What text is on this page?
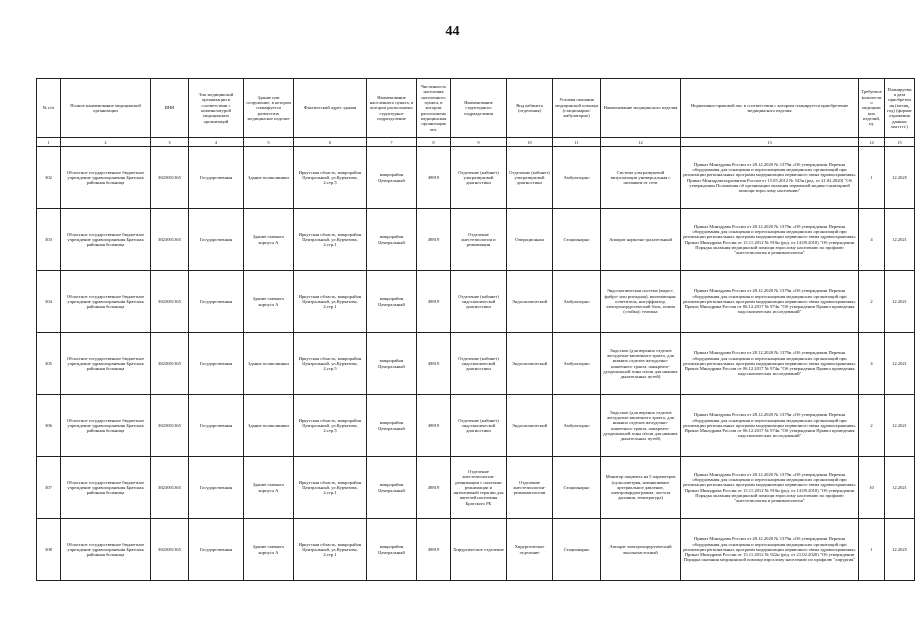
44
№ п/п	Полное наименование медицинской организации	ИНН	Тип медицинской организации в соответствии с номенклатурой медицинских организаций	Здание или сооружение, в котором планируется разместить медицинское изделие	Фактический адрес здания	Наименование населенного пункта, в котором расположено структурное подразделение	Численность населения населенного пункта, в котором расположено медицинская организация чел.	Наименование структурного подразделения	Вид кабинета (отделения)	Условия оказания медицинской помощи (стационарно/амбулаторно)	Наименование медицинского изделия	Нормативно-правовой акт, в соответствии с которым планируется приобретение медицинского изделия	Требуемое количество медицинских изделий, ед.	Планируемая дата приобретения (месяц, год) (формат отражения данных мм.гггг.)
1	2	3	4	5	6	7	8	9	10	11	12	13	14	15
302	Областное государственное бюджетное учреждение здравоохранения Братская районная больница	3823001365	Государственная	Здание поликлиники	Иркутская область, микрорайон Центральный, ул.Курчатова, 2,стр.5	микрорайон Центральный	49819	Отделение (кабинет) ультразвуковой диагностики	Отделение (кабинет) ультразвуковой диагностики	Амбулаторно	Система ультразвуковой визуализации универсальная с питанием от сети	Приказ Минздрава России от 28.12.2020 № 1379н «Об утверждении Перечня оборудования для оснащения и переоснащения медицинских организаций при реализации региональных программ модернизации первичного звена здравоохранения» Приказ Минздравсоцразвития России от 15.05.2012 № 543н (ред. от 21.02.2020) "Об утверждении Положения об организации оказания первичной медико-санитарной помощи взрослому населению"	1	12.2025
303	Областное государственное бюджетное учреждение здравоохранения Братская районная больница	3823001365	Государственная	Здание главного корпуса А	Иркутская область, микрорайон Центральный, ул.Курчатова, 2,стр.1	микрорайон Центральный	49819	Отделение анестезиологии и реанимации	Операционная	Стационарно	Аппарат наркозно-дыхательный	Приказ Минздрава России от 28.12.2020 № 1379н «Об утверждении Перечня оборудования для оснащения и переоснащения медицинских организаций при реализации региональных программ модернизации первичного звена здравоохранения» Приказ Минздрава России от 15.11.2012 № 919н (ред. от 14.09.2018) "Об утверждении Порядка оказания медицинской помощи взрослому населению по профилю "анестезиология и реаниматология"	4	12.2021
304	Областное государственное бюджетное учреждение здравоохранения Братская районная больница	3823001365	Государственная	Здание главного корпуса А	Иркутская область, микрорайон Центральный, ул.Курчатова, 2,стр.1	микрорайон Центральный	49819	Отделение (кабинет) эндоскопической диагностики	Эндоскопический	Амбулаторно	Эндоскопическая система (видео-, фибро- или ригидная), включающая: осветитель, инсуффлятор, электрохирургический блок, помпа (стойка); тележка	Приказ Минздрава России от 28.12.2020 № 1379н «Об утверждении Перечня оборудования для оснащения и переоснащения медицинских организаций при реализации региональных программ модернизации первичного звена здравоохранения» Приказ Минздрава России от 06.12.2017 № 974н "Об утверждении Правил проведения эндоскопических исследований"	2	12.2021
305	Областное государственное бюджетное учреждение здравоохранения Братская районная больница	3823001365	Государственная	Здание поликлиники	Иркутская область, микрорайон Центральный, ул.Курчатова, 2,стр.5	микрорайон Центральный	49819	Отделение (кабинет) эндоскопической диагностики	Эндоскопический	Амбулаторно	Эндоскоп (для верхних отделов желудочно-кишечного тракта, для нижних отделов желудочно-кишечного тракта, панкреато-дуоденальной зоны и/или для нижних дыхательных путей)	Приказ Минздрава России от 28.12.2020 № 1379н «Об утверждении Перечня оборудования для оснащения и переоснащения медицинских организаций при реализации региональных программ модернизации первичного звена здравоохранения» Приказ Минздрава России от 06.12.2017 № 974н "Об утверждении Правил проведения эндоскопических исследований"	4	12.2021
306	Областное государственное бюджетное учреждение здравоохранения Братская районная больница	3823001365	Государственная	Здание поликлиники	Иркутская область, микрорайон Центральный, ул.Курчатова, 2,стр.5	микрорайон Центральный	49819	Отделение (кабинет) эндоскопической диагностики	Эндоскопический	Амбулаторно	Эндоскоп (для верхних отделов желудочно-кишечного тракта, для нижних отделов желудочно-кишечного тракта, панкреато-дуоденальной зоны и/или для нижних дыхательных путей)	Приказ Минздрава России от 28.12.2020 № 1379н «Об утверждении Перечня оборудования для оснащения и переоснащения медицинских организаций при реализации региональных программ модернизации первичного звена здравоохранения» Приказ Минздрава России от 06.12.2017 № 974н "Об утверждении Правил проведения эндоскопических исследований"	2	12.2021
307	Областное государственное бюджетное учреждение здравоохранения Братская районная больница	3823001365	Государственная	Здание главного корпуса А	Иркутская область, микрорайон Центральный, ул.Курчатова, 2,стр.1	микрорайон Центральный	49819	Отделение анестезиологии-реанимации с палатами реанимации и интенсивной терапии для жителей населения Братского РБ	Отделение анестезиологии-реаниматологии	Стационарно	Монитор пациента на 5 параметров (пульсометрия, неинвазивное артериальное давление, электрокардиограмма, частота дыхания, температура)	Приказ Минздрава России от 28.12.2020 № 1379н «Об утверждении Перечня оборудования для оснащения и переоснащения медицинских организаций при реализации региональных программ модернизации первичного звена здравоохранения» Приказ Минздрава России от 15.11.2012 № 919н (ред. от 14.09.2018) "Об утверждении Порядка оказания медицинской помощи взрослому населению по профилю "анестезиология и реаниматология"	10	12.2021
308	Областное государственное бюджетное учреждение здравоохранения Братская районная больница	3823001365	Государственная	Здание главного корпуса А	Иркутская область, микрорайон Центральный, ул.Курчатова, 2,стр.1	микрорайон Центральный	49819	Хирургическое отделение	Хирургическое отделение	Стационарно	Аппарат электрохирургический высокочастотный	Приказ Минздрава России от 28.12.2020 № 1379н «Об утверждении Перечня оборудования для оснащения и переоснащения медицинских организаций при реализации региональных программ модернизации первичного звена здравоохранения» Приказ Минздрава России от 15.11.2012 № 922н (ред. от 21.02.2020) "Об утверждении Порядка оказания медицинской помощи взрослому населению по профилю "хирургия"	1	12.2025
